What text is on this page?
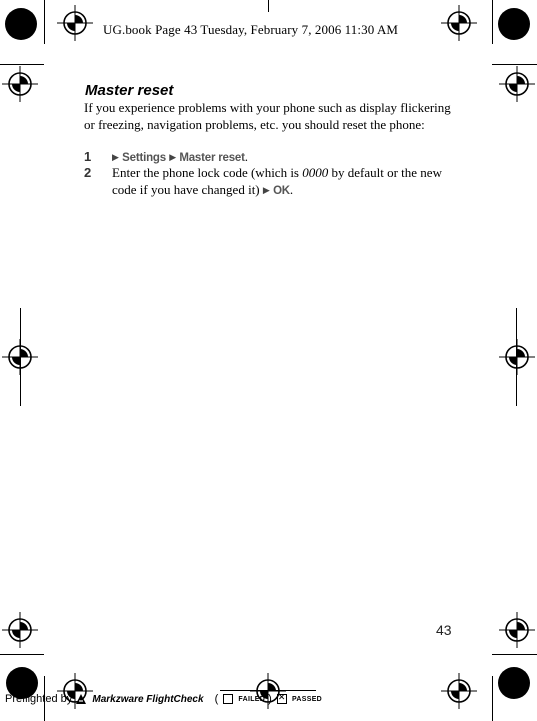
UG.book Page 43 Tuesday, February 7, 2006 11:30 AM
Master reset
If you experience problems with your phone such as display flickering or freezing, navigation problems, etc. you should reset the phone:
1	▶ Settings ▶ Master reset.
2	Enter the phone lock code (which is 0000 by default or the new code if you have changed it) ▶ OK.
43
Preflighted by Markzware FlightCheck (	FAILED ) ✕	PASSED
